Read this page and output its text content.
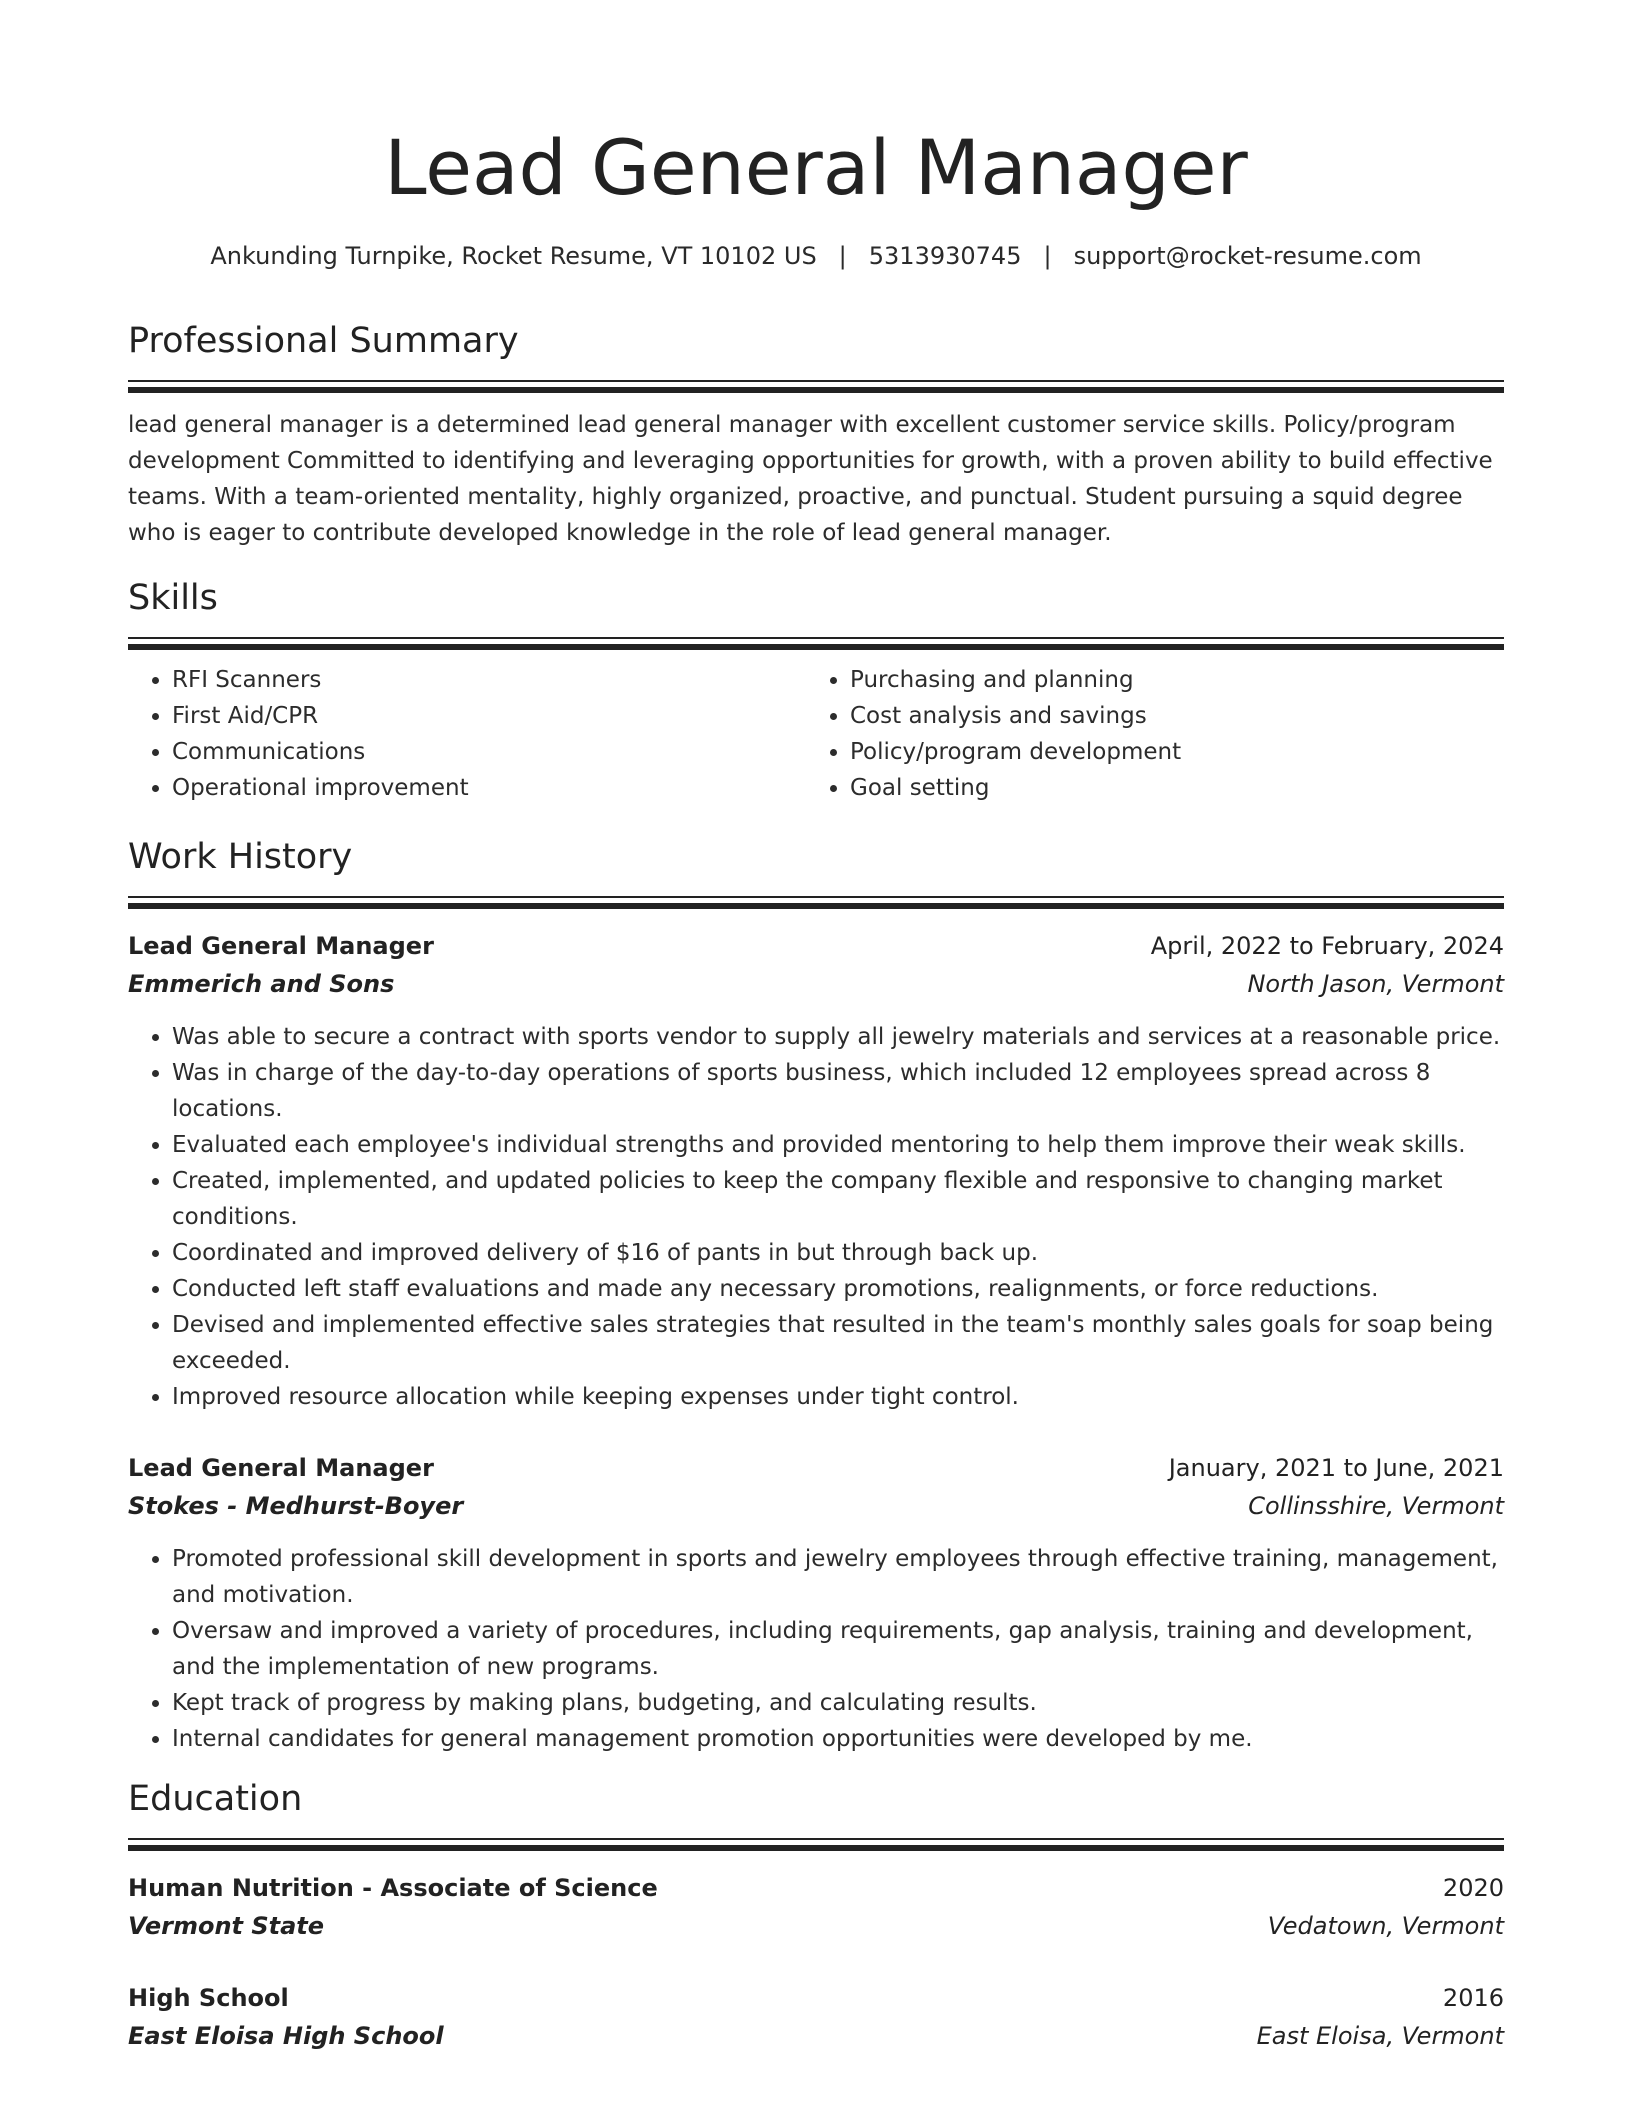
Lead General Manager
Ankunding Turnpike, Rocket Resume, VT 10102 US | 5313930745 | support@rocket-resume.com
Professional Summary

lead general manager is a determined lead general manager with excellent customer service skills. Policy/program development Committed to identifying and leveraging opportunities for growth, with a proven ability to build effective teams. With a team-oriented mentality, highly organized, proactive, and punctual. Student pursuing a squid degree who is eager to contribute developed knowledge in the role of lead general manager.

Skills
• RFI Scanners
• First Aid/CPR
• Communications
• Operational improvement
• Purchasing and planning
• Cost analysis and savings
• Policy/program development
• Goal setting
Work History
Lead General Manager	April, 2022 to February, 2024
Emmerich and Sons	North Jason, Vermont
• Was able to secure a contract with sports vendor to supply all jewelry materials and services at a reasonable price.
• Was in charge of the day-to-day operations of sports business, which included 12 employees spread across 8 locations.
• Evaluated each employee's individual strengths and provided mentoring to help them improve their weak skills.
• Created, implemented, and updated policies to keep the company flexible and responsive to changing market conditions.
• Coordinated and improved delivery of $16 of pants in but through back up.
• Conducted left staff evaluations and made any necessary promotions, realignments, or force reductions.
• Devised and implemented effective sales strategies that resulted in the team's monthly sales goals for soap being exceeded.
• Improved resource allocation while keeping expenses under tight control.
Lead General Manager	January, 2021 to June, 2021
Stokes - Medhurst-Boyer	Collinsshire, Vermont
• Promoted professional skill development in sports and jewelry employees through effective training, management, and motivation.
• Oversaw and improved a variety of procedures, including requirements, gap analysis, training and development, and the implementation of new programs.
• Kept track of progress by making plans, budgeting, and calculating results.
• Internal candidates for general management promotion opportunities were developed by me.
Education
Human Nutrition - Associate of Science	2020
Vermont State	Vedatown, Vermont
High School	2016
East Eloisa High School	East Eloisa, Vermont
